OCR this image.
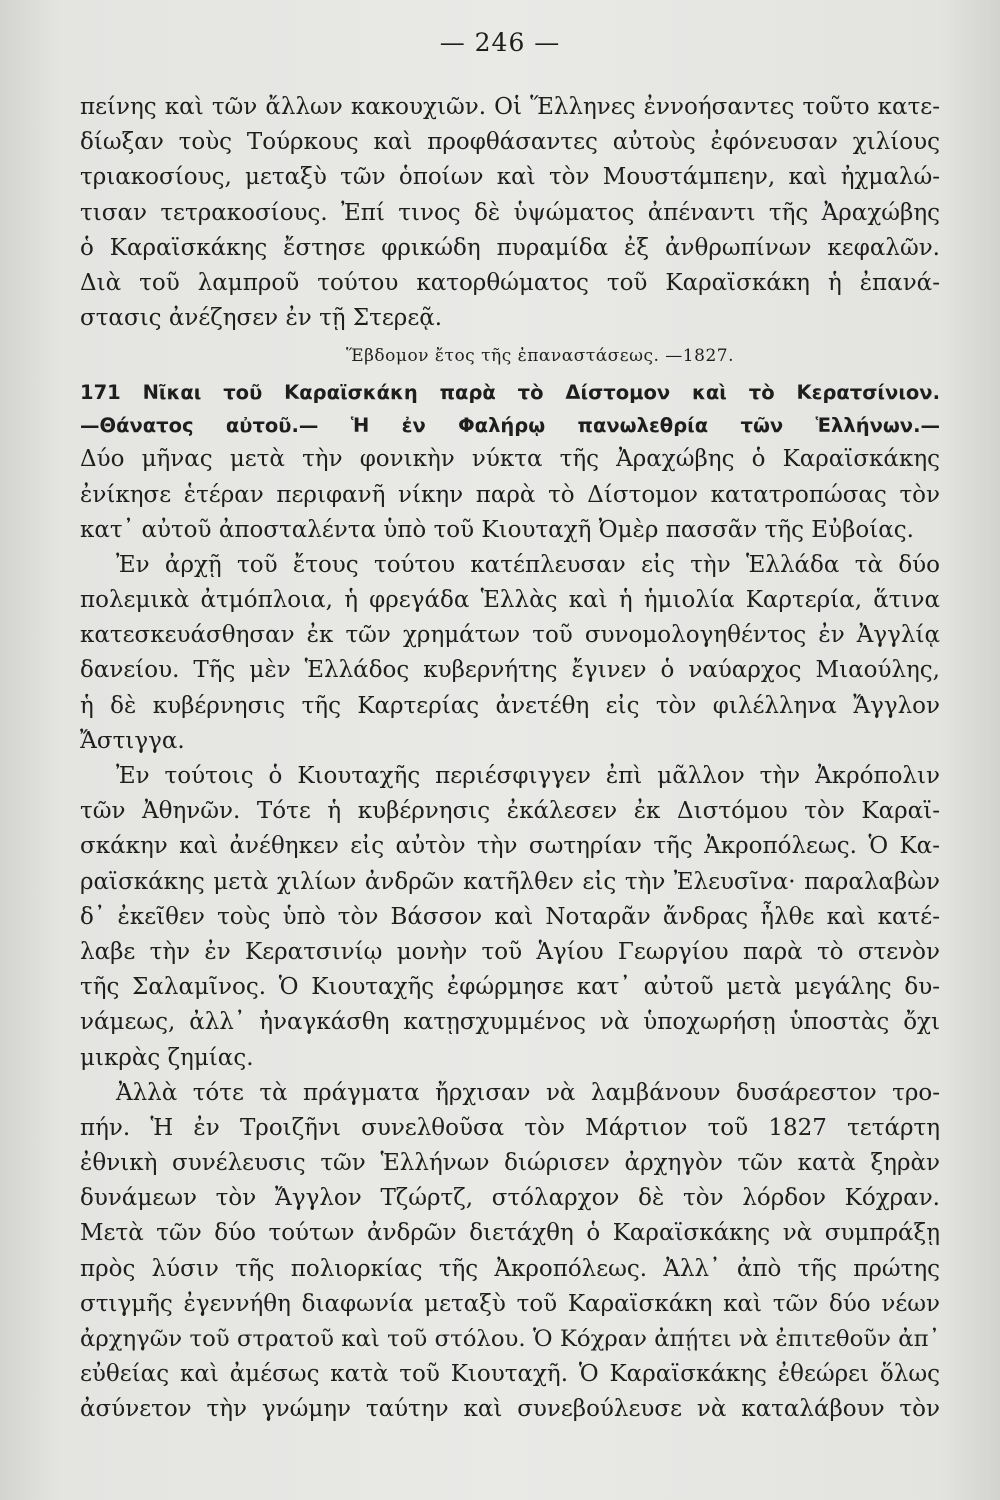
— 246 —
πείνης καὶ τῶν ἄλλων κακουχιῶν. Οἱ Ἕλληνες ἐννοήσαντες τοῦτο κατε-
δίωξαν τοὺς Τούρκους καὶ προφθάσαντες αὐτοὺς ἐφόνευσαν χιλίους
τριακοσίους, μεταξὺ τῶν ὁποίων καὶ τὸν Μουστάμπεην, καὶ ἠχμαλώ-
τισαν τετρακοσίους. Ἐπί τινος δὲ ὑψώματος ἀπέναντι τῆς Ἀραχώβης
ὁ Καραϊσκάκης ἔστησε φρικώδη πυραμίδα ἐξ ἀνθρωπίνων κεφαλῶν.
Διὰ τοῦ λαμπροῦ τούτου κατορθώματος τοῦ Καραϊσκάκη ἡ ἐπανά-
στασις ἀνέζησεν ἐν τῇ Στερεᾷ.
Ἕβδομον ἔτος τῆς ἐπαναστάσεως. —1827.
171 Νῖκαι τοῦ Καραϊσκάκη παρὰ τὸ Δίστομον καὶ τὸ Κερατσίνιον.
—Θάνατος αὐτοῦ.— Ἡ ἐν Φαλήρῳ πανωλεθρία τῶν Ἑλλήνων.—
Δύο μῆνας μετὰ τὴν φονικὴν νύκτα τῆς Ἀραχώβης ὁ Καραϊσκάκης
ἐνίκησε ἑτέραν περιφανῆ νίκην παρὰ τὸ Δίστομον κατατροπώσας τὸν
κατ᾽ αὐτοῦ ἀποσταλέντα ὑπὸ τοῦ Κιουταχῆ Ὀμὲρ πασσᾶν τῆς Εὐβοίας.
Ἐν ἀρχῇ τοῦ ἔτους τούτου κατέπλευσαν εἰς τὴν Ἑλλάδα τὰ δύο
πολεμικὰ ἀτμόπλοια, ἡ φρεγάδα Ἑλλὰς καὶ ἡ ἡμιολία Καρτερία, ἅτινα
κατεσκευάσθησαν ἐκ τῶν χρημάτων τοῦ συνομολογηθέντος ἐν Ἀγγλίᾳ
δανείου. Τῆς μὲν Ἑλλάδος κυβερνήτης ἔγινεν ὁ ναύαρχος Μιαούλης,
ἡ δὲ κυβέρνησις τῆς Καρτερίας ἀνετέθη εἰς τὸν φιλέλληνα Ἄγγλον
Ἄστιγγα.
Ἐν τούτοις ὁ Κιουταχῆς περιέσφιγγεν ἐπὶ μᾶλλον τὴν Ἀκρόπολιν
τῶν Ἀθηνῶν. Τότε ἡ κυβέρνησις ἐκάλεσεν ἐκ Διστόμου τὸν Καραϊ-
σκάκην καὶ ἀνέθηκεν εἰς αὐτὸν τὴν σωτηρίαν τῆς Ἀκροπόλεως. Ὁ Κα-
ραϊσκάκης μετὰ χιλίων ἀνδρῶν κατῆλθεν εἰς τὴν Ἐλευσῖνα· παραλαβὼν
δ᾽ ἐκεῖθεν τοὺς ὑπὸ τὸν Βάσσον καὶ Νοταρᾶν ἄνδρας ἦλθε καὶ κατέ-
λαβε τὴν ἐν Κερατσινίῳ μονὴν τοῦ Ἁγίου Γεωργίου παρὰ τὸ στενὸν
τῆς Σαλαμῖνος. Ὁ Κιουταχῆς ἐφώρμησε κατ᾽ αὐτοῦ μετὰ μεγάλης δυ-
νάμεως, ἀλλ᾽ ἠναγκάσθη κατῃσχυμμένος νὰ ὑποχωρήσῃ ὑποστὰς ὄχι
μικρὰς ζημίας.
Ἀλλὰ τότε τὰ πράγματα ἤρχισαν νὰ λαμβάνουν δυσάρεστον τρο-
πήν. Ἡ ἐν Τροιζῆνι συνελθοῦσα τὸν Μάρτιον τοῦ 1827 τετάρτη
ἐθνικὴ συνέλευσις τῶν Ἑλλήνων διώρισεν ἀρχηγὸν τῶν κατὰ ξηρὰν
δυνάμεων τὸν Ἄγγλον Τζώρτζ, στόλαρχον δὲ τὸν λόρδον Κόχραν.
Μετὰ τῶν δύο τούτων ἀνδρῶν διετάχθη ὁ Καραϊσκάκης νὰ συμπράξῃ
πρὸς λύσιν τῆς πολιορκίας τῆς Ἀκροπόλεως. Ἀλλ᾽ ἀπὸ τῆς πρώτης
στιγμῆς ἐγεννήθη διαφωνία μεταξὺ τοῦ Καραϊσκάκη καὶ τῶν δύο νέων
ἀρχηγῶν τοῦ στρατοῦ καὶ τοῦ στόλου. Ὁ Κόχραν ἀπῄτει νὰ ἐπιτεθοῦν ἀπ᾽
εὐθείας καὶ ἀμέσως κατὰ τοῦ Κιουταχῆ. Ὁ Καραϊσκάκης ἐθεώρει ὅλως
ἀσύνετον τὴν γνώμην ταύτην καὶ συνεβούλευσε νὰ καταλάβουν τὸν
